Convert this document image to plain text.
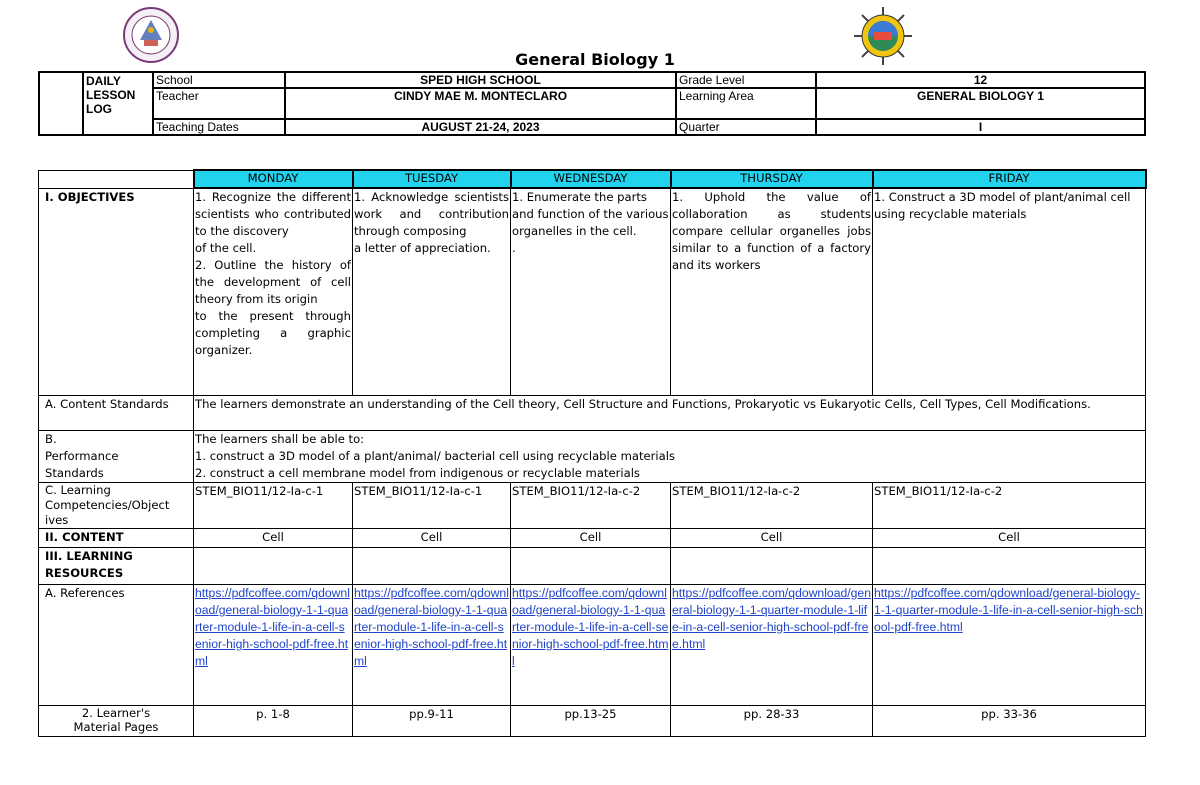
General Biology 1
	DAILY
LESSON
LOG	School	SPED HIGH SCHOOL	Grade Level	12
		Teacher	CINDY MAE M. MONTECLARO	Learning Area	GENERAL BIOLOGY 1
		Teaching Dates	AUGUST 21-24, 2023	Quarter	I
	MONDAY	TUESDAY	WEDNESDAY	THURSDAY	FRIDAY
I. OBJECTIVES	1. Recognize the different scientists who contributed to the discovery
of the cell.
2. Outline the history of the development of cell theory from its origin
to the present through completing a graphic organizer.	1. Acknowledge scientists work and contribution through composing
a letter of appreciation.	1. Enumerate the parts and function of the various organelles in the cell.
.	1. Uphold the value of collaboration as students compare cellular organelles jobs similar to a function of a factory and its workers	1. Construct a 3D model of plant/animal cell using recyclable materials
A. Content Standards	The learners demonstrate an understanding of the Cell theory, Cell Structure and Functions, Prokaryotic vs Eukaryotic Cells, Cell Types, Cell Modifications.				
B.
Performance
Standards	The learners shall be able to:
1. construct a 3D model of a plant/animal/ bacterial cell using recyclable materials
2. construct a cell membrane model from indigenous or recyclable materials				
C. Learning
Competencies/Object
ives	STEM_BIO11/12-Ia-c-1	STEM_BIO11/12-Ia-c-1	STEM_BIO11/12-Ia-c-2	STEM_BIO11/12-Ia-c-2	STEM_BIO11/12-Ia-c-2
II. CONTENT	Cell	Cell	Cell	Cell	Cell
III. LEARNING
RESOURCES					
A. References	https://pdfcoffee.com/qdownload/general-biology-1-1-quarter-module-1-life-in-a-cell-senior-high-school-pdf-free.html	https://pdfcoffee.com/qdownload/general-biology-1-1-quarter-module-1-life-in-a-cell-senior-high-school-pdf-free.html	https://pdfcoffee.com/qdownload/general-biology-1-1-quarter-module-1-life-in-a-cell-senior-high-school-pdf-free.html	https://pdfcoffee.com/qdownload/general-biology-1-1-quarter-module-1-life-in-a-cell-senior-high-school-pdf-free.html	https://pdfcoffee.com/qdownload/general-biology-1-1-quarter-module-1-life-in-a-cell-senior-high-school-pdf-free.html
2. Learner's
Material Pages	p. 1-8	pp.9-11	pp.13-25	pp. 28-33	pp. 33-36
